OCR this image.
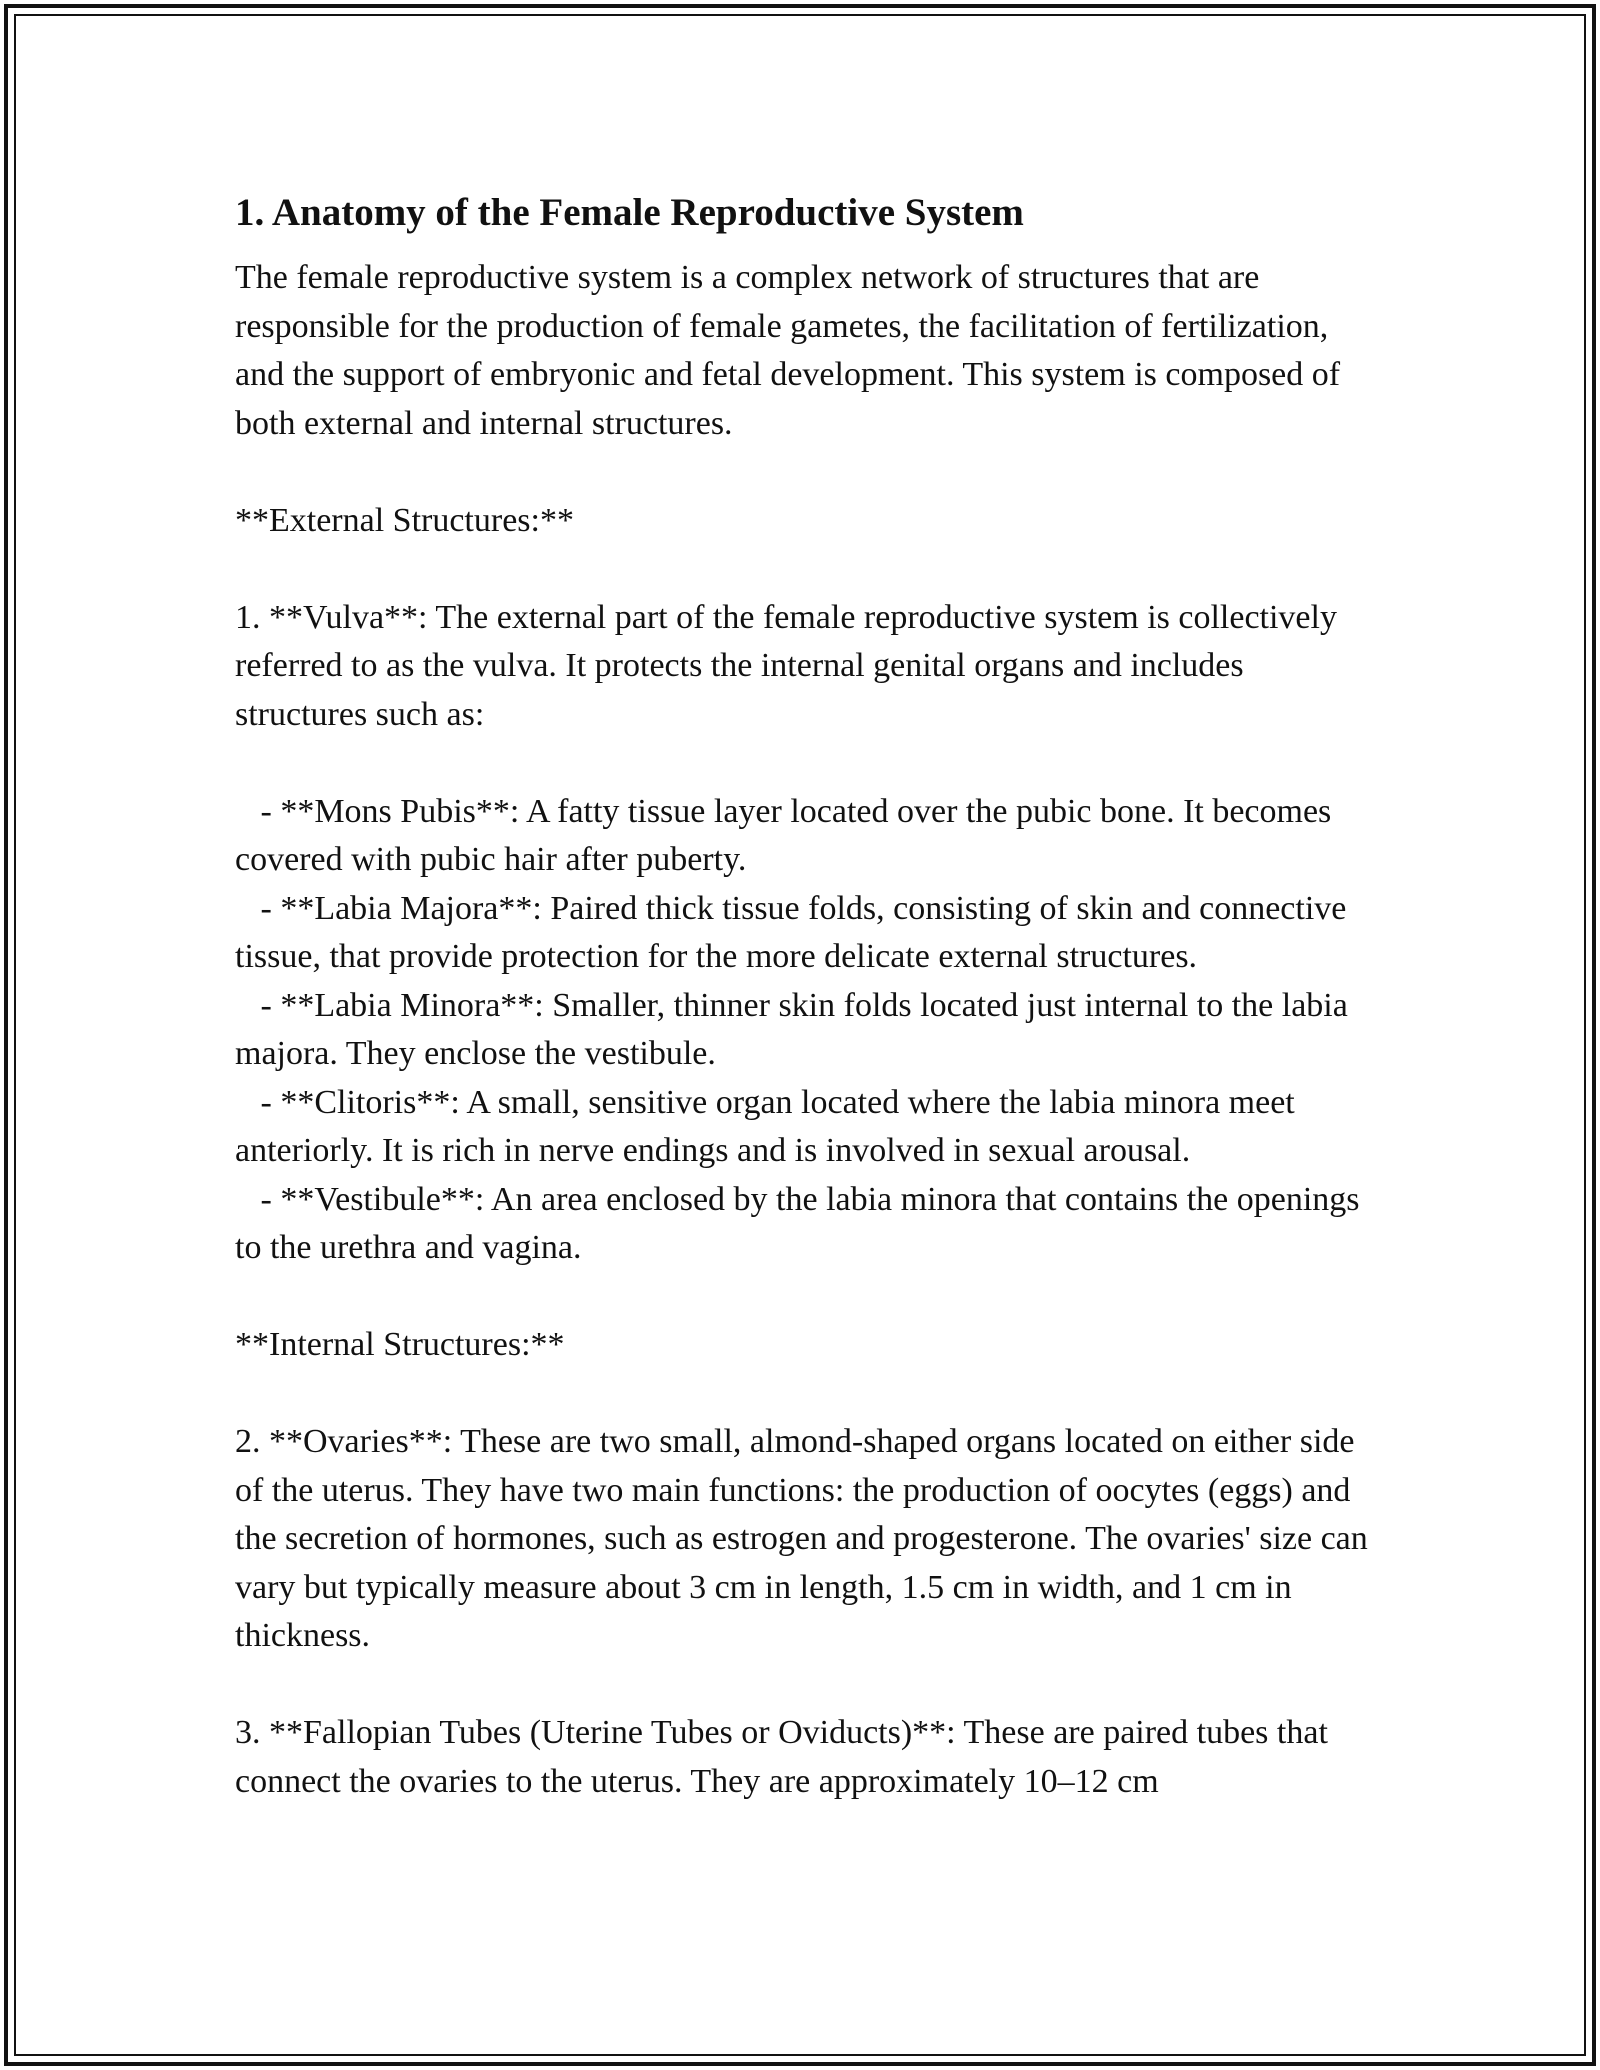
1. Anatomy of the Female Reproductive System

The female reproductive system is a complex network of structures that are responsible for the production of female gametes, the facilitation of fertilization, and the support of embryonic and fetal development. This system is composed of both external and internal structures.

**External Structures:**

1. **Vulva**: The external part of the female reproductive system is collectively referred to as the vulva. It protects the internal genital organs and includes structures such as:

- **Mons Pubis**: A fatty tissue layer located over the pubic bone. It becomes covered with pubic hair after puberty.

- **Labia Majora**: Paired thick tissue folds, consisting of skin and connective tissue, that provide protection for the more delicate external structures.

- **Labia Minora**: Smaller, thinner skin folds located just internal to the labia majora. They enclose the vestibule.

- **Clitoris**: A small, sensitive organ located where the labia minora meet anteriorly. It is rich in nerve endings and is involved in sexual arousal.

- **Vestibule**: An area enclosed by the labia minora that contains the openings to the urethra and vagina.

**Internal Structures:**

2. **Ovaries**: These are two small, almond-shaped organs located on either side of the uterus. They have two main functions: the production of oocytes (eggs) and the secretion of hormones, such as estrogen and progesterone. The ovaries' size can vary but typically measure about 3 cm in length, 1.5 cm in width, and 1 cm in thickness.

3. **Fallopian Tubes (Uterine Tubes or Oviducts)**: These are paired tubes that connect the ovaries to the uterus. They are approximately 10–12 cm
